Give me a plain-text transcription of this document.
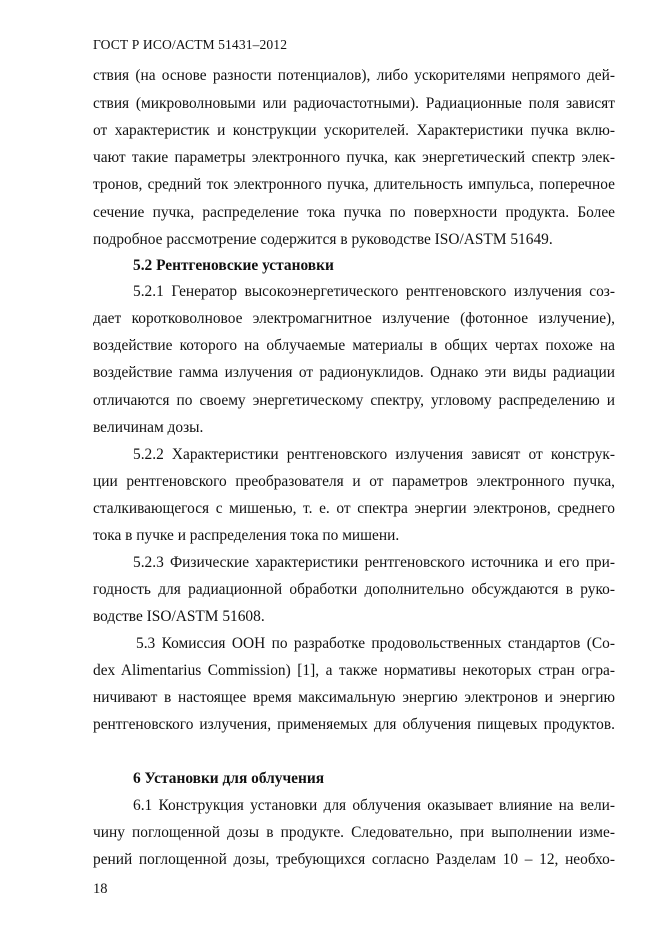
ГОСТ Р ИСО/АСТМ 51431–2012
ствия (на основе разности потенциалов), либо ускорителями непрямого дей-
ствия (микроволновыми или радиочастотными). Радиационные поля зависят
от характеристик и конструкции ускорителей. Характеристики пучка вклю-
чают такие параметры электронного пучка, как энергетический спектр элек-
тронов, средний ток электронного пучка, длительность импульса, поперечное
сечение пучка, распределение тока пучка по поверхности продукта. Более
подробное рассмотрение содержится в руководстве ISO/ASTM 51649.
5.2 Рентгеновские установки
5.2.1 Генератор высокоэнергетического рентгеновского излучения соз-
дает коротковолновое электромагнитное излучение (фотонное излучение),
воздействие которого на облучаемые материалы в общих чертах похоже на
воздействие гамма излучения от радионуклидов. Однако эти виды радиации
отличаются по своему энергетическому спектру, угловому распределению и
величинам дозы.
5.2.2 Характеристики рентгеновского излучения зависят от конструк-
ции рентгеновского преобразователя и от параметров электронного пучка,
сталкивающегося с мишенью, т. е. от спектра энергии электронов, среднего
тока в пучке и распределения тока по мишени.
5.2.3 Физические характеристики рентгеновского источника и его при-
годность для радиационной обработки дополнительно обсуждаются в руко-
водстве ISO/ASTM 51608.
5.3 Комиссия ООН по разработке продовольственных стандартов (Co-
dex Alimentarius Commission) [1], а также нормативы некоторых стран огра-
ничивают в настоящее время максимальную энергию электронов и энергию
рентгеновского излучения, применяемых для облучения пищевых продуктов.
6 Установки для облучения
6.1 Конструкция установки для облучения оказывает влияние на вели-
чину поглощенной дозы в продукте. Следовательно, при выполнении изме-
рений поглощенной дозы, требующихся согласно Разделам 10 – 12, необхо-
18
